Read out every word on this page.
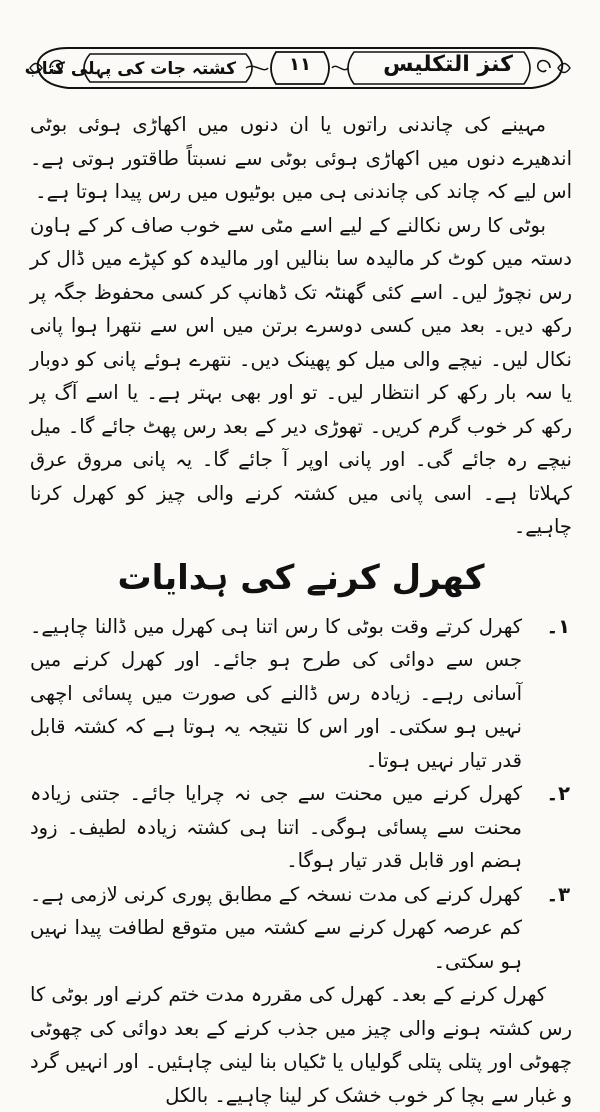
کشتہ جات کی پہلی کتاب	۱۱	کنز التکلیس

مہینے کی چاندنی راتوں یا ان دنوں میں اکھاڑی ہوئی بوٹی اندھیرے دنوں میں اکھاڑی ہوئی بوٹی سے نسبتاً طاقتور ہوتی ہے۔ اس لیے کہ چاند کی چاندنی ہی میں بوٹیوں میں رس پیدا ہوتا ہے۔

بوٹی کا رس نکالنے کے لیے اسے مٹی سے خوب صاف کر کے ہاون دستہ میں کوٹ کر مالیدہ سا بنالیں اور مالیدہ کو کپڑے میں ڈال کر رس نچوڑ لیں۔ اسے کئی گھنٹہ تک ڈھانپ کر کسی محفوظ جگہ پر رکھ دیں۔ بعد میں کسی دوسرے برتن میں اس سے نتھرا ہوا پانی نکال لیں۔ نیچے والی میل کو پھینک دیں۔ نتھرے ہوئے پانی کو دوبار یا سہ بار رکھ کر انتظار لیں۔ تو اور بھی بہتر ہے۔ یا اسے آگ پر رکھ کر خوب گرم کریں۔ تھوڑی دیر کے بعد رس پھٹ جائے گا۔ میل نیچے رہ جائے گی۔ اور پانی اوپر آ جائے گا۔ یہ پانی مروق عرق کہلاتا ہے۔ اسی پانی میں کشتہ کرنے والی چیز کو کھرل کرنا چاہیے۔

کھرل کرنے کی ہدایات
۱۔
کھرل کرتے وقت بوٹی کا رس اتنا ہی کھرل میں ڈالنا چاہیے۔ جس سے دوائی کی طرح ہو جائے۔ اور کھرل کرنے میں آسانی رہے۔ زیادہ رس ڈالنے کی صورت میں پسائی اچھی نہیں ہو سکتی۔ اور اس کا نتیجہ یہ ہوتا ہے کہ کشتہ قابل قدر تیار نہیں ہوتا۔
۲۔
کھرل کرنے میں محنت سے جی نہ چرایا جائے۔ جتنی زیادہ محنت سے پسائی ہوگی۔ اتنا ہی کشتہ زیادہ لطیف۔ زود ہضم اور قابل قدر تیار ہوگا۔
۳۔
کھرل کرنے کی مدت نسخہ کے مطابق پوری کرنی لازمی ہے۔ کم عرصہ کھرل کرنے سے کشتہ میں متوقع لطافت پیدا نہیں ہو سکتی۔

کھرل کرنے کے بعد۔ کھرل کی مقررہ مدت ختم کرنے اور بوٹی کا رس کشتہ ہونے والی چیز میں جذب کرنے کے بعد دوائی کی چھوٹی چھوٹی اور پتلی پتلی گولیاں یا ٹکیاں بنا لینی چاہئیں۔ اور انہیں گرد و غبار سے بچا کر خوب خشک کر لینا چاہیے۔ بالکل
